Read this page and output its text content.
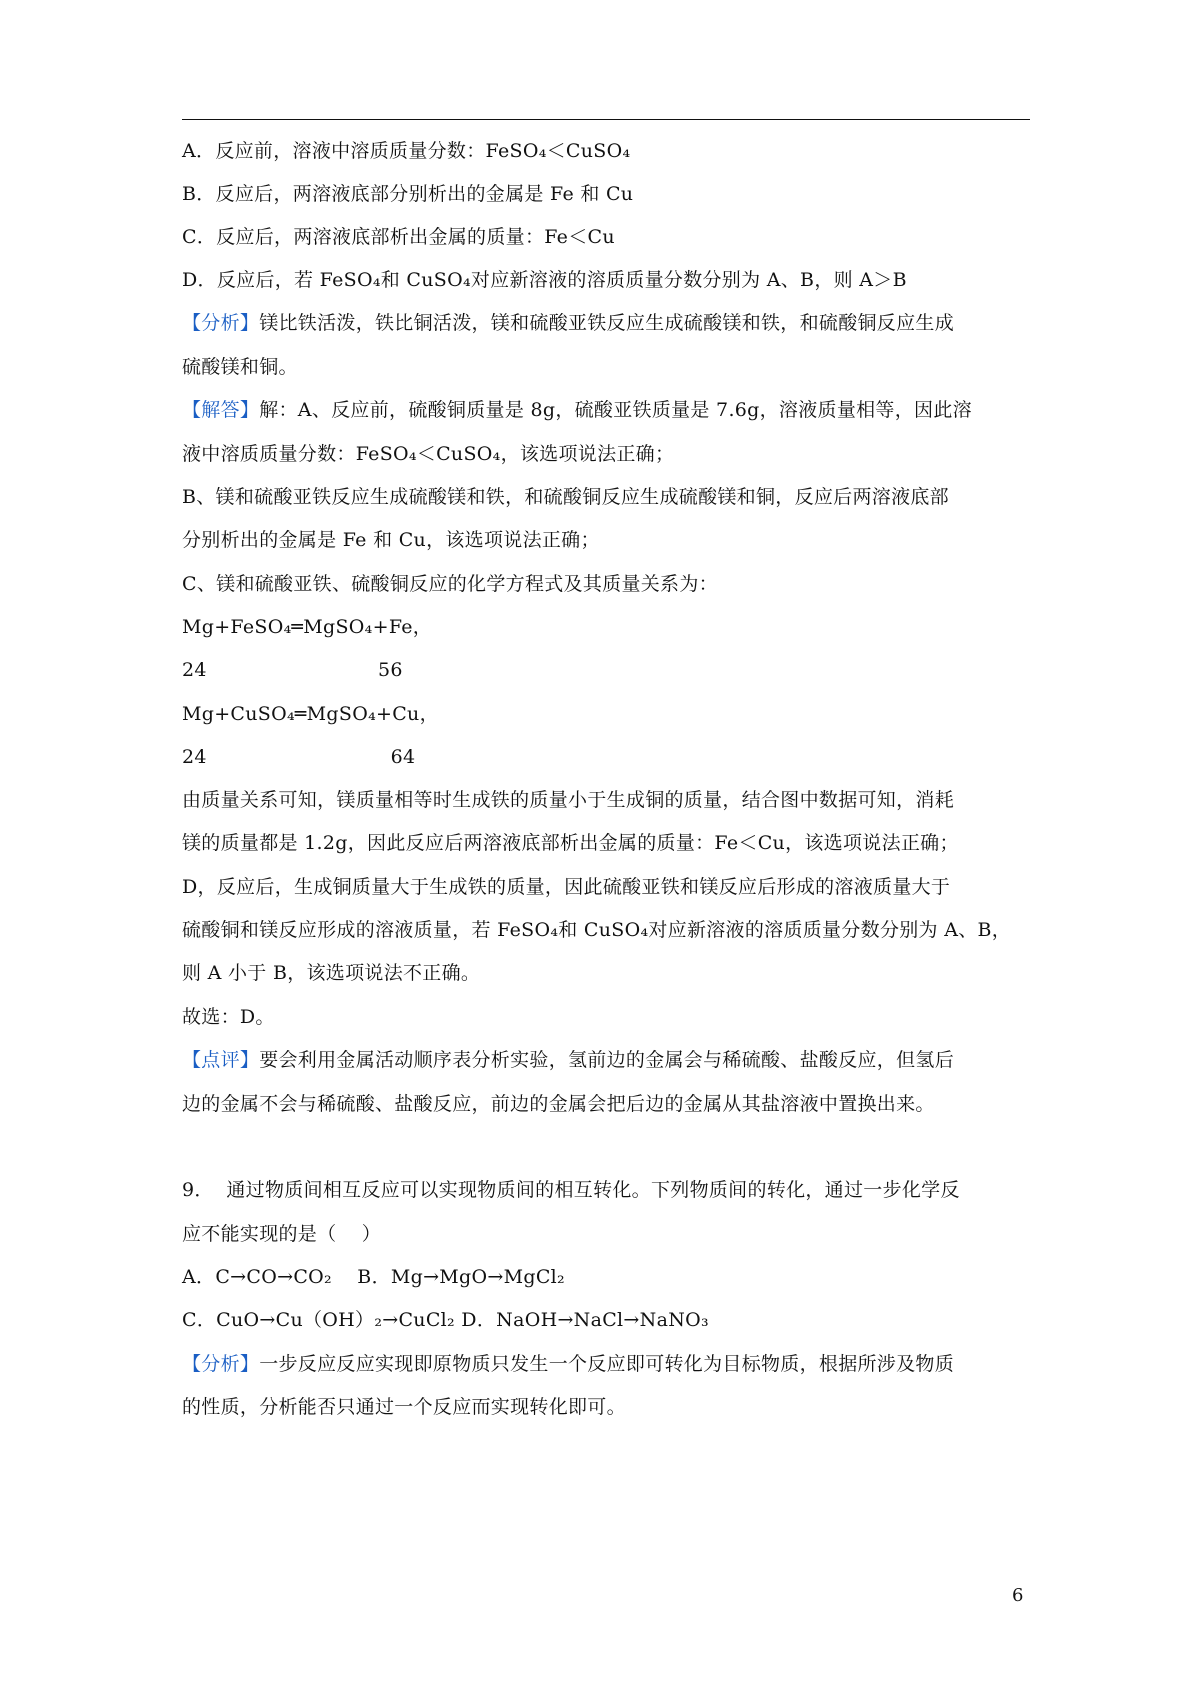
A．反应前，溶液中溶质质量分数：FeSO₄＜CuSO₄
B．反应后，两溶液底部分别析出的金属是 Fe 和 Cu
C．反应后，两溶液底部析出金属的质量：Fe＜Cu
D．反应后，若 FeSO₄和 CuSO₄对应新溶液的溶质质量分数分别为 A、B，则 A＞B
【分析】镁比铁活泼，铁比铜活泼，镁和硫酸亚铁反应生成硫酸镁和铁，和硫酸铜反应生成
硫酸镁和铜。
【解答】解：A、反应前，硫酸铜质量是 8g，硫酸亚铁质量是 7.6g，溶液质量相等，因此溶
液中溶质质量分数：FeSO₄＜CuSO₄，该选项说法正确；
B、镁和硫酸亚铁反应生成硫酸镁和铁，和硫酸铜反应生成硫酸镁和铜，反应后两溶液底部
分别析出的金属是 Fe 和 Cu，该选项说法正确；
C、镁和硫酸亚铁、硫酸铜反应的化学方程式及其质量关系为：
Mg+FeSO₄═MgSO₄+Fe，
24                           56
Mg+CuSO₄═MgSO₄+Cu，
24                             64
由质量关系可知，镁质量相等时生成铁的质量小于生成铜的质量，结合图中数据可知，消耗
镁的质量都是 1.2g，因此反应后两溶液底部析出金属的质量：Fe＜Cu，该选项说法正确；
D，反应后，生成铜质量大于生成铁的质量，因此硫酸亚铁和镁反应后形成的溶液质量大于
硫酸铜和镁反应形成的溶液质量，若 FeSO₄和 CuSO₄对应新溶液的溶质质量分数分别为 A、B，
则 A 小于 B，该选项说法不正确。
故选：D。
【点评】要会利用金属活动顺序表分析实验，氢前边的金属会与稀硫酸、盐酸反应，但氢后
边的金属不会与稀硫酸、盐酸反应，前边的金属会把后边的金属从其盐溶液中置换出来。
9．  通过物质间相互反应可以实现物质间的相互转化。下列物质间的转化，通过一步化学反
应不能实现的是（    ）
A．C→CO→CO₂    B．Mg→MgO→MgCl₂
C．CuO→Cu（OH）₂→CuCl₂ D．NaOH→NaCl→NaNO₃
【分析】一步反应反应实现即原物质只发生一个反应即可转化为目标物质，根据所涉及物质
的性质，分析能否只通过一个反应而实现转化即可。
6
